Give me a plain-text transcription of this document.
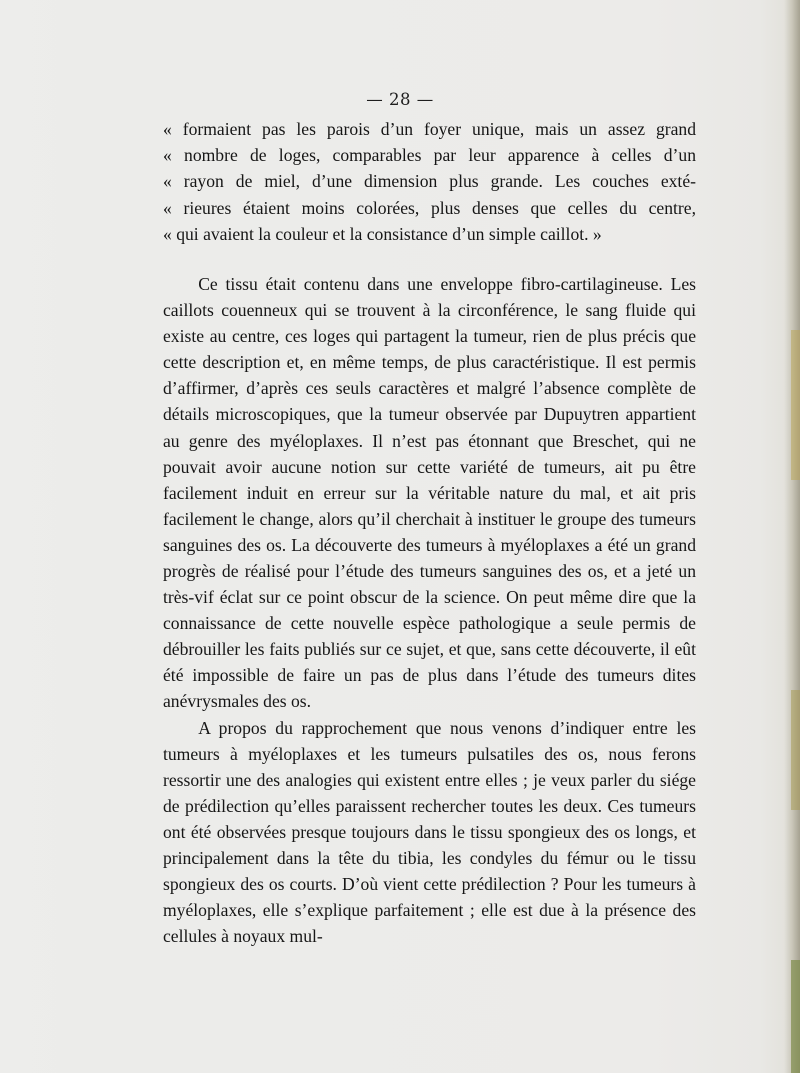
— 28 —
« formaient pas les parois d’un foyer unique, mais un assez grand
« nombre de loges, comparables par leur apparence à celles d’un
« rayon de miel, d’une dimension plus grande. Les couches exté-
« rieures étaient moins colorées, plus denses que celles du centre,
« qui avaient la couleur et la consistance d’un simple caillot. »

Ce tissu était contenu dans une enveloppe fibro-cartilagineuse. Les caillots couenneux qui se trouvent à la circonférence, le sang fluide qui existe au centre, ces loges qui partagent la tumeur, rien de plus précis que cette description et, en même temps, de plus caractéristique. Il est permis d’affirmer, d’après ces seuls caractères et malgré l’absence complète de détails microscopiques, que la tumeur observée par Dupuytren appartient au genre des myéloplaxes. Il n’est pas étonnant que Breschet, qui ne pouvait avoir aucune notion sur cette variété de tumeurs, ait pu être facilement induit en erreur sur la véritable nature du mal, et ait pris facilement le change, alors qu’il cherchait à instituer le groupe des tumeurs sanguines des os. La découverte des tumeurs à myéloplaxes a été un grand progrès de réalisé pour l’étude des tumeurs sanguines des os, et a jeté un très-vif éclat sur ce point obscur de la science. On peut même dire que la connaissance de cette nouvelle espèce pathologique a seule permis de débrouiller les faits publiés sur ce sujet, et que, sans cette découverte, il eût été impossible de faire un pas de plus dans l’étude des tumeurs dites anévrysmales des os.

A propos du rapprochement que nous venons d’indiquer entre les tumeurs à myéloplaxes et les tumeurs pulsatiles des os, nous ferons ressortir une des analogies qui existent entre elles ; je veux parler du siége de prédilection qu’elles paraissent rechercher toutes les deux. Ces tumeurs ont été observées presque toujours dans le tissu spongieux des os longs, et principalement dans la tête du tibia, les condyles du fémur ou le tissu spongieux des os courts. D’où vient cette prédilection ? Pour les tumeurs à myéloplaxes, elle s’explique parfaitement ; elle est due à la présence des cellules à noyaux mul-
